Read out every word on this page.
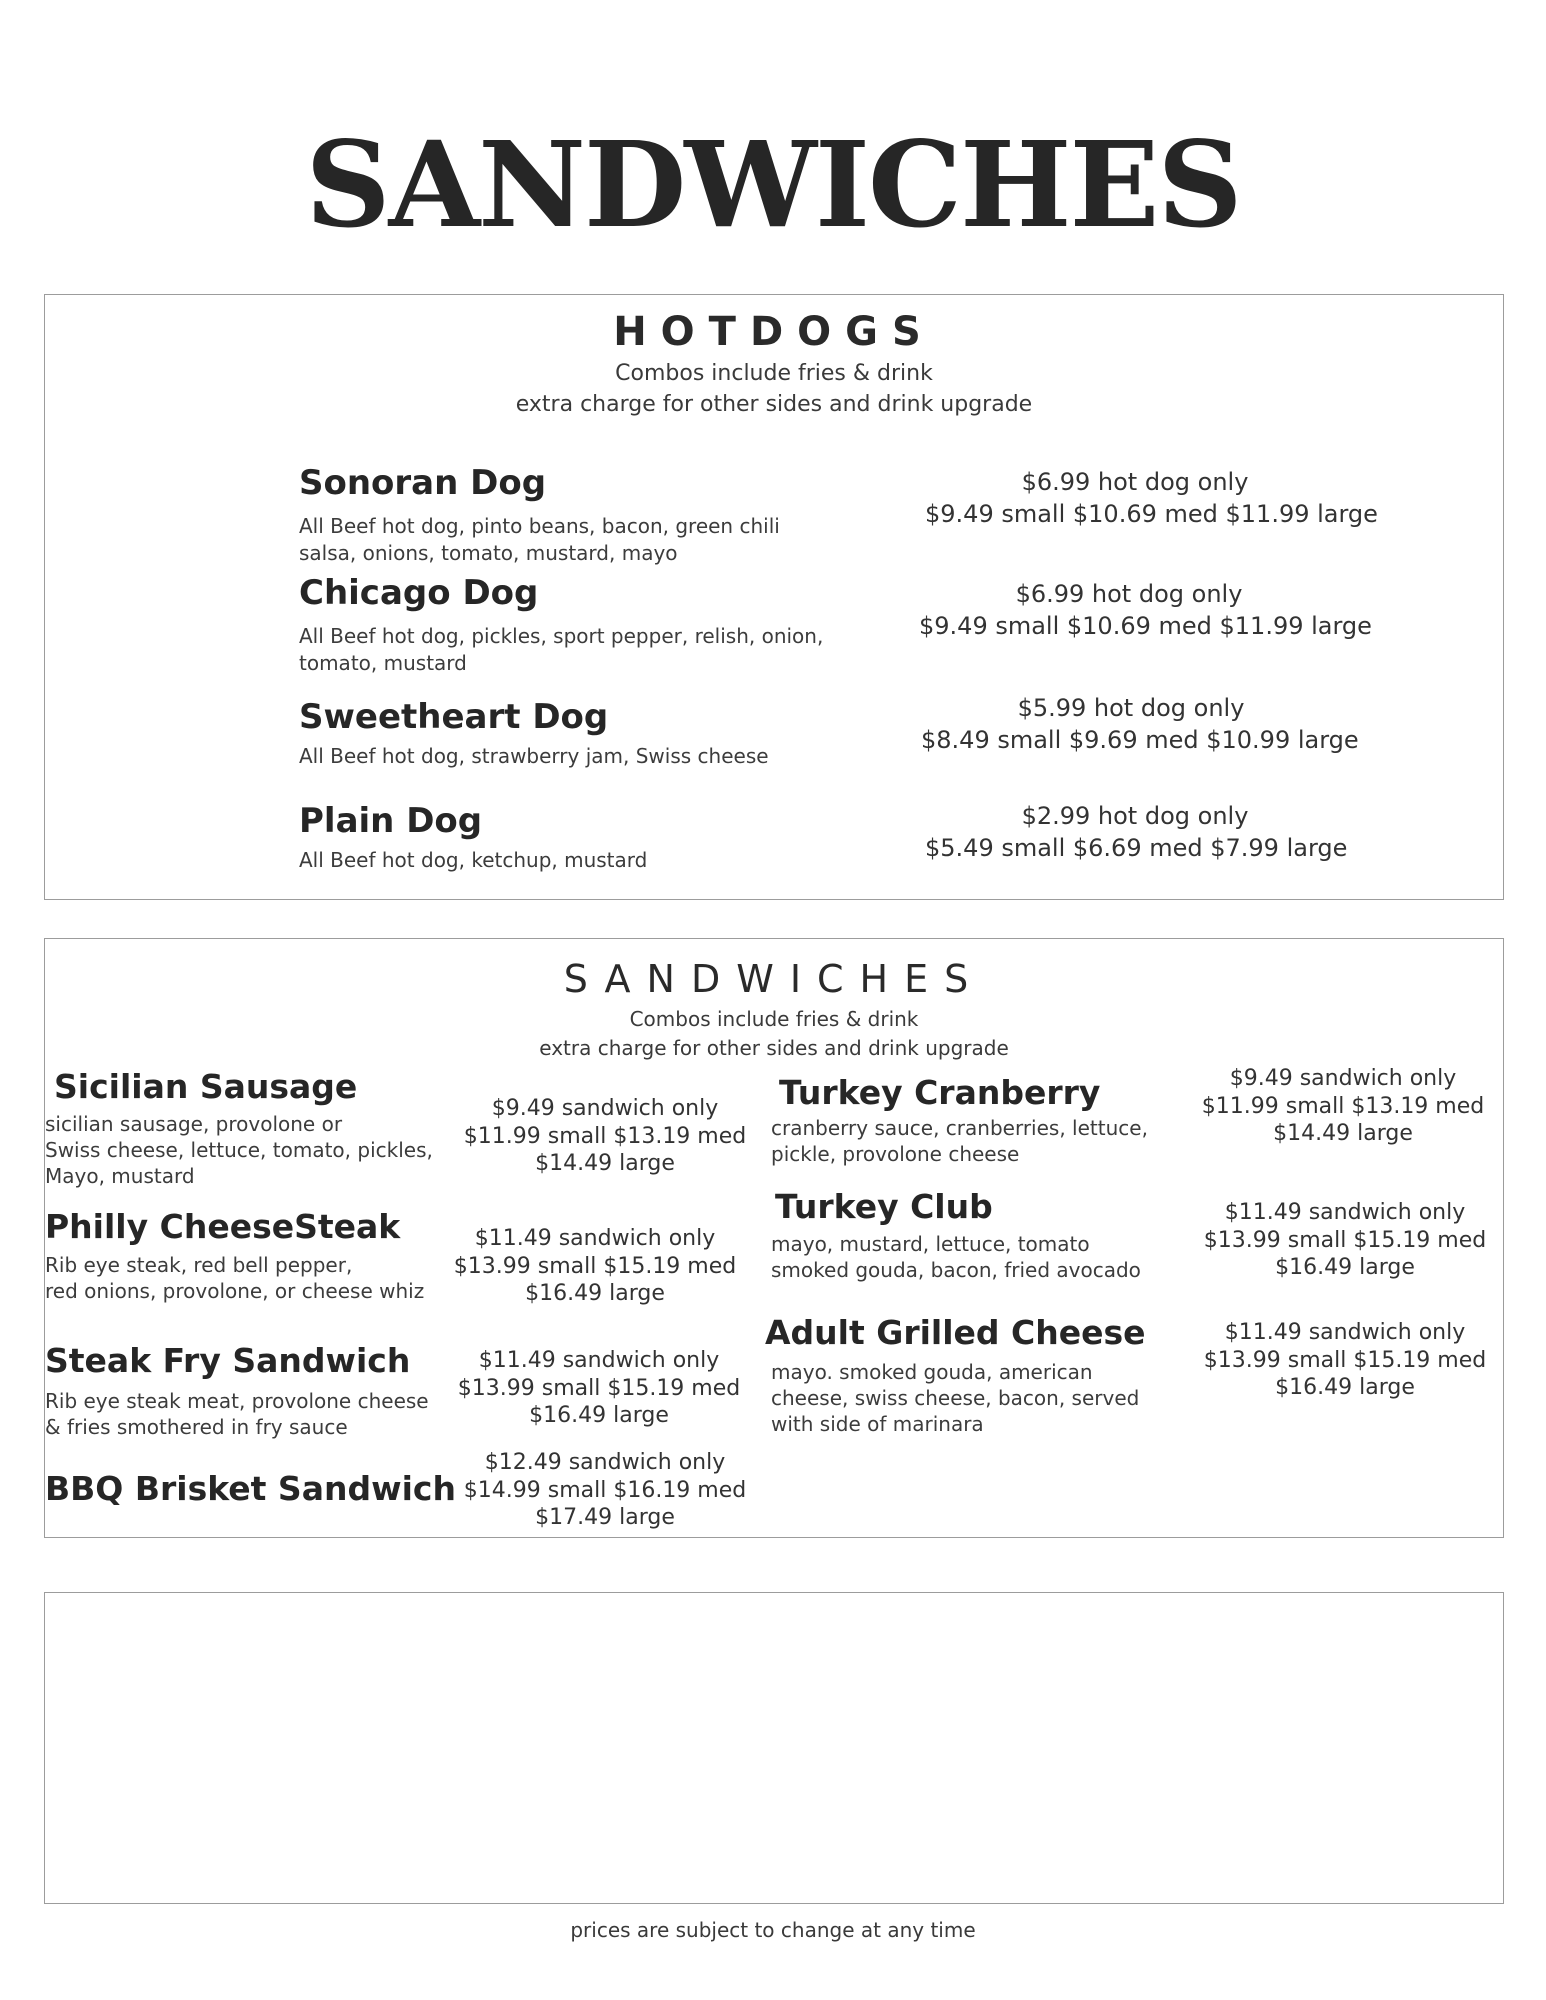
SANDWICHES
HOTDOGS
Combos include fries & drink
extra charge for other sides and drink upgrade
Sonoran Dog
All Beef hot dog, pinto beans, bacon, green chili salsa, onions, tomato, mustard, mayo
$6.99 hot dog only
$9.49 small $10.69 med $11.99 large
Chicago Dog
All Beef hot dog, pickles, sport pepper, relish, onion, tomato, mustard
$6.99 hot dog only
$9.49 small $10.69 med $11.99 large
Sweetheart Dog
All Beef hot dog, strawberry jam, Swiss cheese
$5.99 hot dog only
$8.49 small $9.69 med $10.99 large
Plain Dog
All Beef hot dog, ketchup, mustard
$2.99 hot dog only
$5.49 small $6.69 med $7.99 large
SANDWICHES
Combos include fries & drink
extra charge for other sides and drink upgrade
Sicilian Sausage
sicilian sausage, provolone or
Swiss cheese, lettuce, tomato, pickles,
Mayo, mustard
$9.49 sandwich only
$11.99 small $13.19 med
$14.49 large
Philly CheeseSteak
Rib eye steak, red bell pepper,
red onions, provolone, or cheese whiz
$11.49 sandwich only
$13.99 small $15.19 med
$16.49 large
Steak Fry Sandwich
Rib eye steak meat, provolone cheese
& fries smothered in fry sauce
$11.49 sandwich only
$13.99 small $15.19 med
$16.49 large
BBQ Brisket Sandwich
$12.49 sandwich only
$14.99 small $16.19 med
$17.49 large
Turkey Cranberry
cranberry sauce, cranberries, lettuce,
pickle, provolone cheese
$9.49 sandwich only
$11.99 small $13.19 med
$14.49 large
Turkey Club
mayo, mustard, lettuce, tomato
smoked gouda, bacon, fried avocado
$11.49 sandwich only
$13.99 small $15.19 med
$16.49 large
Adult Grilled Cheese
mayo. smoked gouda, american
cheese, swiss cheese, bacon, served
with side of marinara
$11.49 sandwich only
$13.99 small $15.19 med
$16.49 large
prices are subject to change at any time
